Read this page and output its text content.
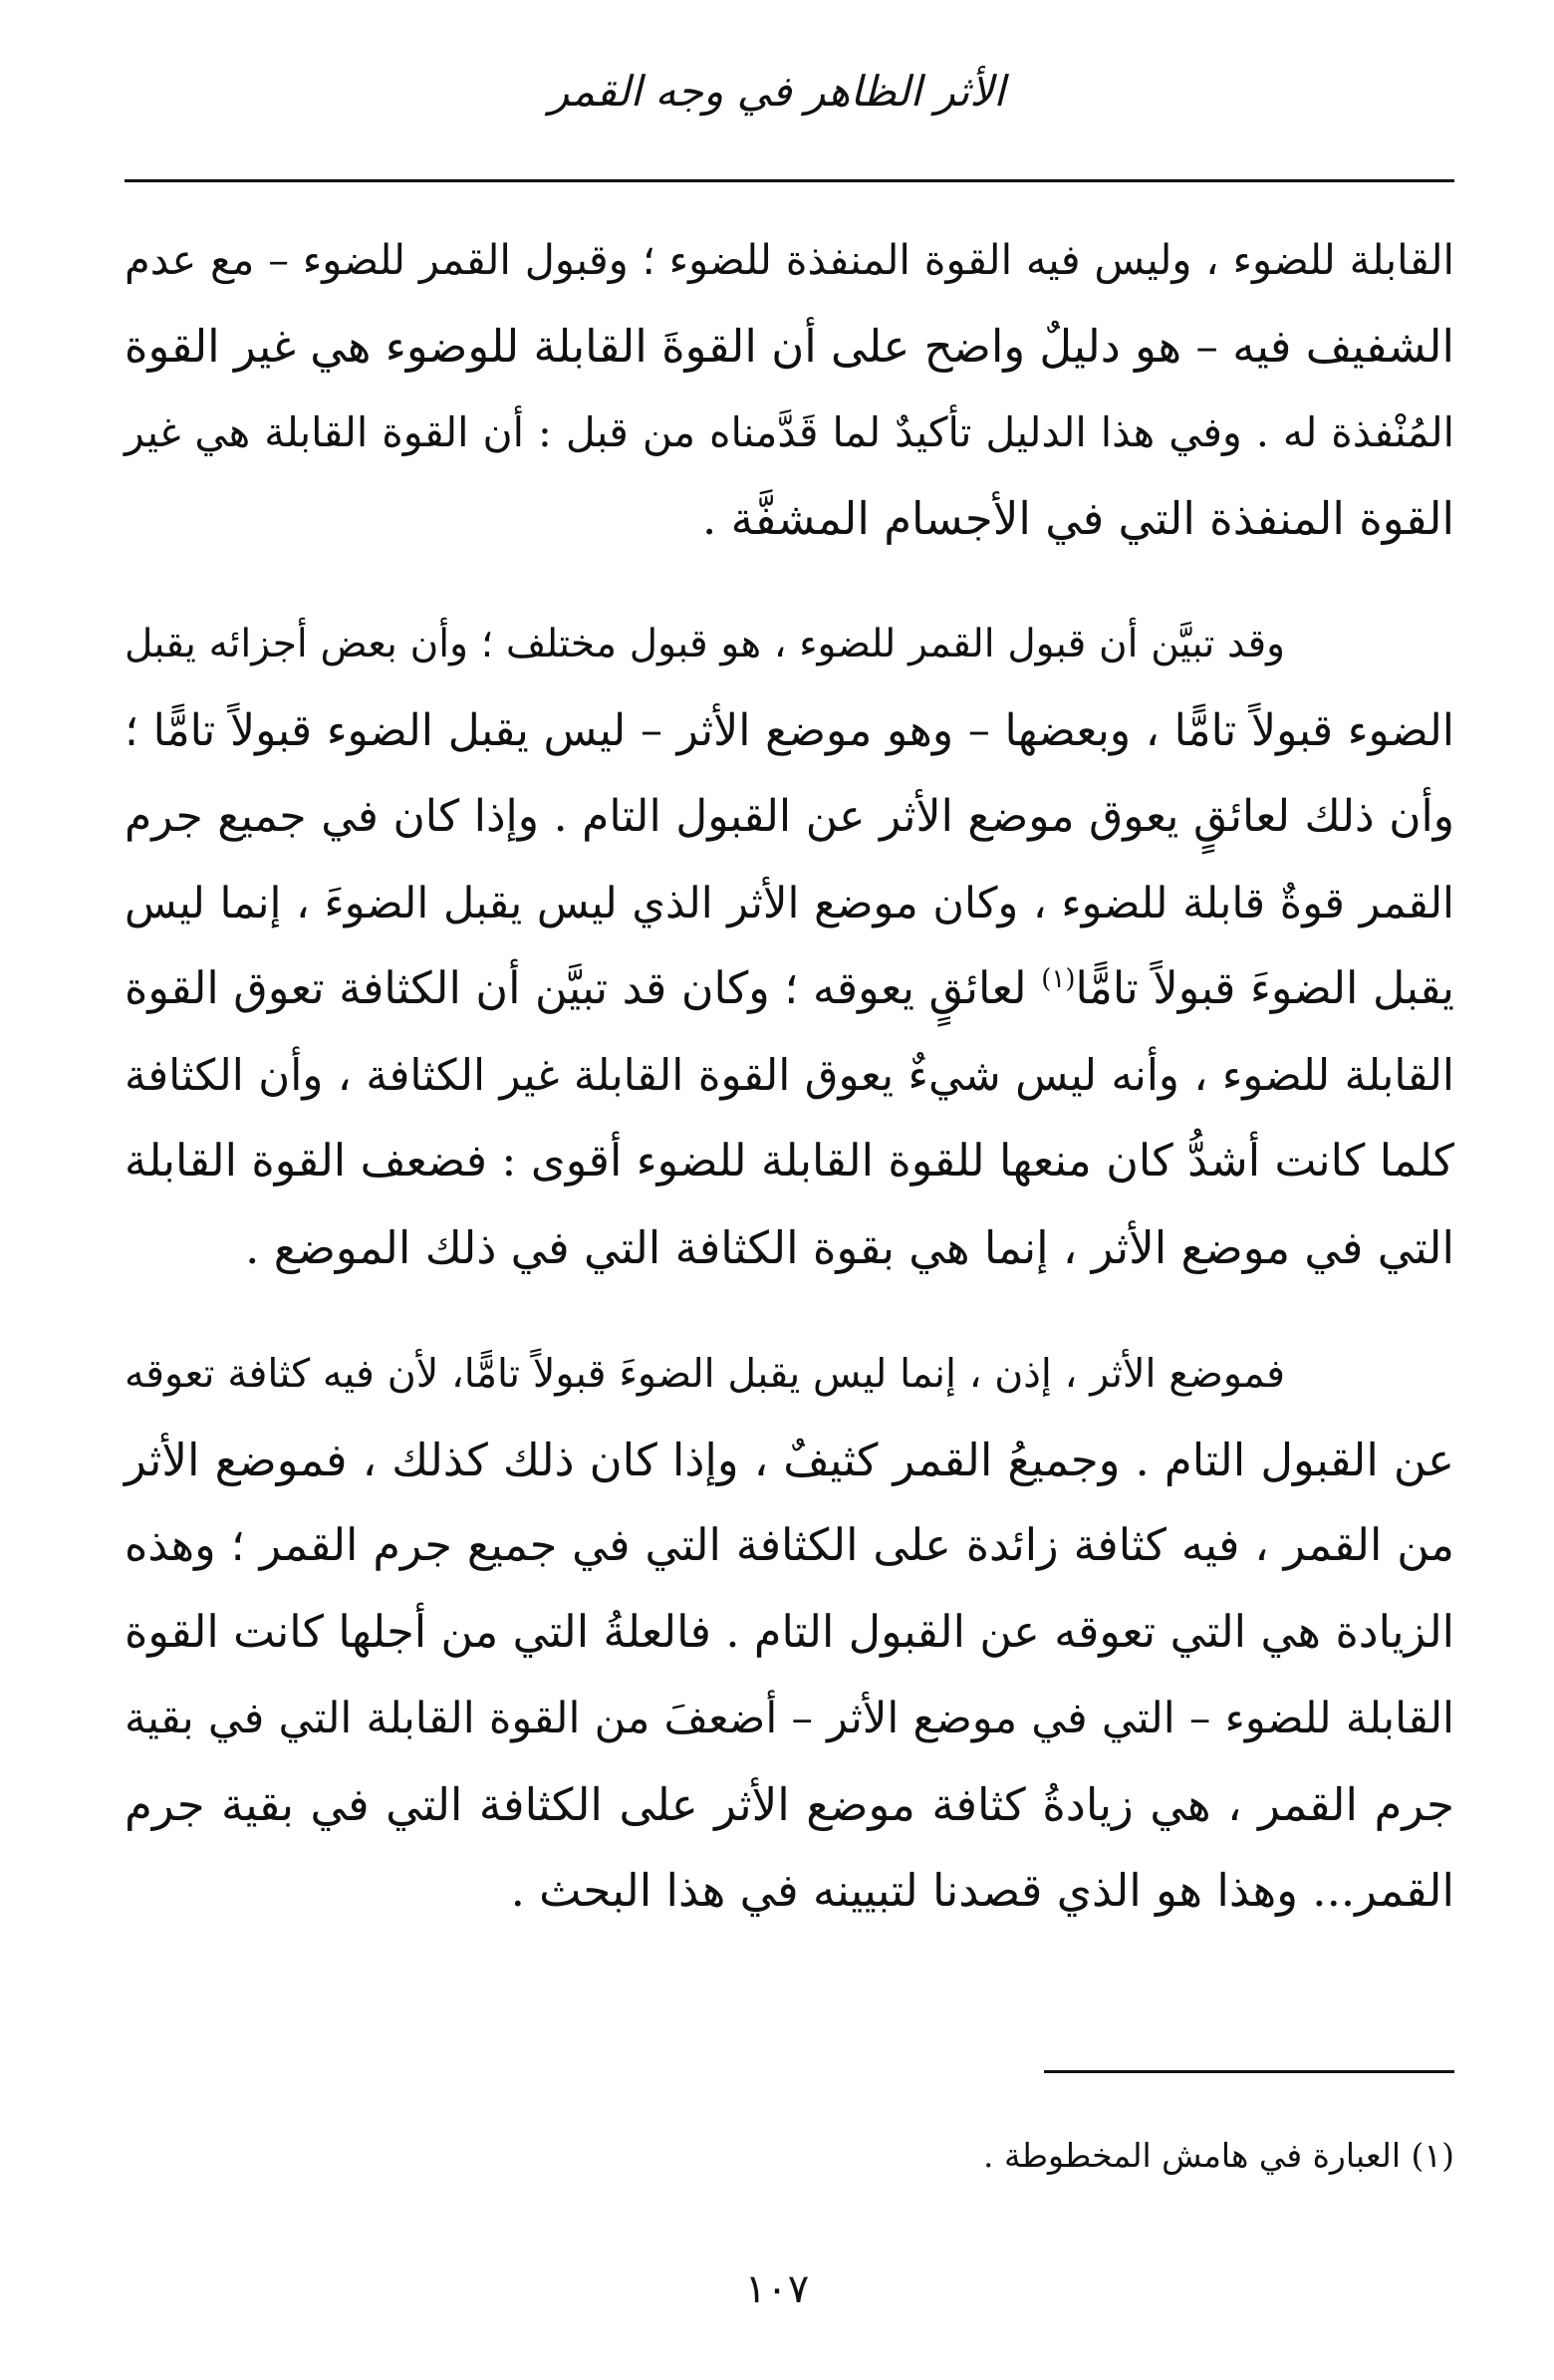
الأثر الظاهر في وجه القمر

القابلة للضوء ، وليس فيه القوة المنفذة للضوء ؛ وقبول القمر للضوء – مع عدم
الشفيف فيه – هو دليلٌ واضح على أن القوةَ القابلة للوضوء هي غير القوة
المُنْفذة له . وفي هذا الدليل تأكيدٌ لما قَدَّمناه من قبل : أن القوة القابلة هي غير
القوة المنفذة التي في الأجسام المشفَّة .

وقد تبيَّن أن قبول القمر للضوء ، هو قبول مختلف ؛ وأن بعض أجزائه يقبل
الضوء قبولاً تامًّا ، وبعضها – وهو موضع الأثر – ليس يقبل الضوء قبولاً تامًّا ؛
وأن ذلك لعائقٍ يعوق موضع الأثر عن القبول التام . وإذا كان في جميع جرم
القمر قوةٌ قابلة للضوء ، وكان موضع الأثر الذي ليس يقبل الضوءَ ، إنما ليس
يقبل الضوءَ قبولاً تامًّا$^{(١)}$ لعائقٍ يعوقه ؛ وكان قد تبيَّن أن الكثافة تعوق القوة
القابلة للضوء ، وأنه ليس شيءٌ يعوق القوة القابلة غير الكثافة ، وأن الكثافة
كلما كانت أشدُّ كان منعها للقوة القابلة للضوء أقوى : فضعف القوة القابلة
التي في موضع الأثر ، إنما هي بقوة الكثافة التي في ذلك الموضع .

فموضع الأثر ، إذن ، إنما ليس يقبل الضوءَ قبولاً تامًّا، لأن فيه كثافة تعوقه
عن القبول التام . وجميعُ القمر كثيفٌ ، وإذا كان ذلك كذلك ، فموضع الأثر
من القمر ، فيه كثافة زائدة على الكثافة التي في جميع جرم القمر ؛ وهذه
الزيادة هي التي تعوقه عن القبول التام . فالعلةُ التي من أجلها كانت القوة
القابلة للضوء – التي في موضع الأثر – أضعفَ من القوة القابلة التي في بقية
جرم القمر ، هي زيادةُ كثافة موضع الأثر على الكثافة التي في بقية جرم
القمر... وهذا هو الذي قصدنا لتبيينه في هذا البحث .

(١) العبارة في هامش المخطوطة .
١٠٧
